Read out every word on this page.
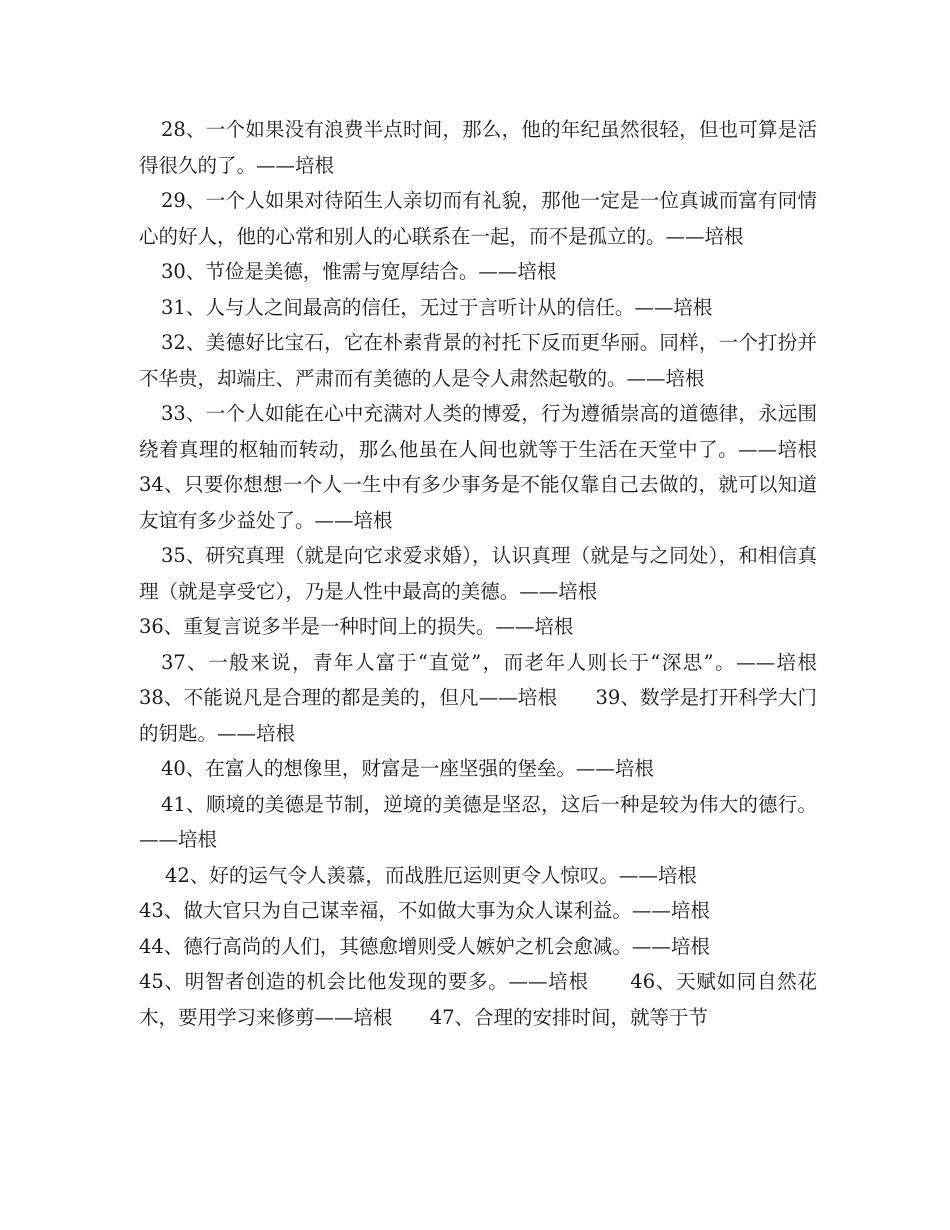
28、一个如果没有浪费半点时间，那么，他的年纪虽然很轻，但也可算是活得很久的了。——培根

29、一个人如果对待陌生人亲切而有礼貌，那他一定是一位真诚而富有同情心的好人，他的心常和别人的心联系在一起，而不是孤立的。——培根

30、节俭是美德，惟需与宽厚结合。——培根

31、人与人之间最高的信任，无过于言听计从的信任。——培根

32、美德好比宝石，它在朴素背景的衬托下反而更华丽。同样，一个打扮并不华贵，却端庄、严肃而有美德的人是令人肃然起敬的。——培根

33、一个人如能在心中充满对人类的博爱，行为遵循崇高的道德律，永远围绕着真理的枢轴而转动，那么他虽在人间也就等于生活在天堂中了。——培根      34、只要你想想一个人一生中有多少事务是不能仅靠自己去做的，就可以知道友谊有多少益处了。——培根

35、研究真理（就是向它求爱求婚），认识真理（就是与之同处），和相信真理（就是享受它），乃是人性中最高的美德。——培根

36、重复言说多半是一种时间上的损失。——培根

37、一般来说，青年人富于“直觉”，而老年人则长于“深思”。——培根      38、不能说凡是合理的都是美的，但凡——培根      39、数学是打开科学大门的钥匙。——培根

40、在富人的想像里，财富是一座坚强的堡垒。——培根

41、顺境的美德是节制，逆境的美德是坚忍，这后一种是较为伟大的德行。——培根

42、好的运气令人羡慕，而战胜厄运则更令人惊叹。——培根

43、做大官只为自己谋幸福，不如做大事为众人谋利益。——培根

44、德行高尚的人们，其德愈增则受人嫉妒之机会愈减。——培根

45、明智者创造的机会比他发现的要多。——培根      46、天赋如同自然花木，要用学习来修剪——培根      47、合理的安排时间，就等于节
